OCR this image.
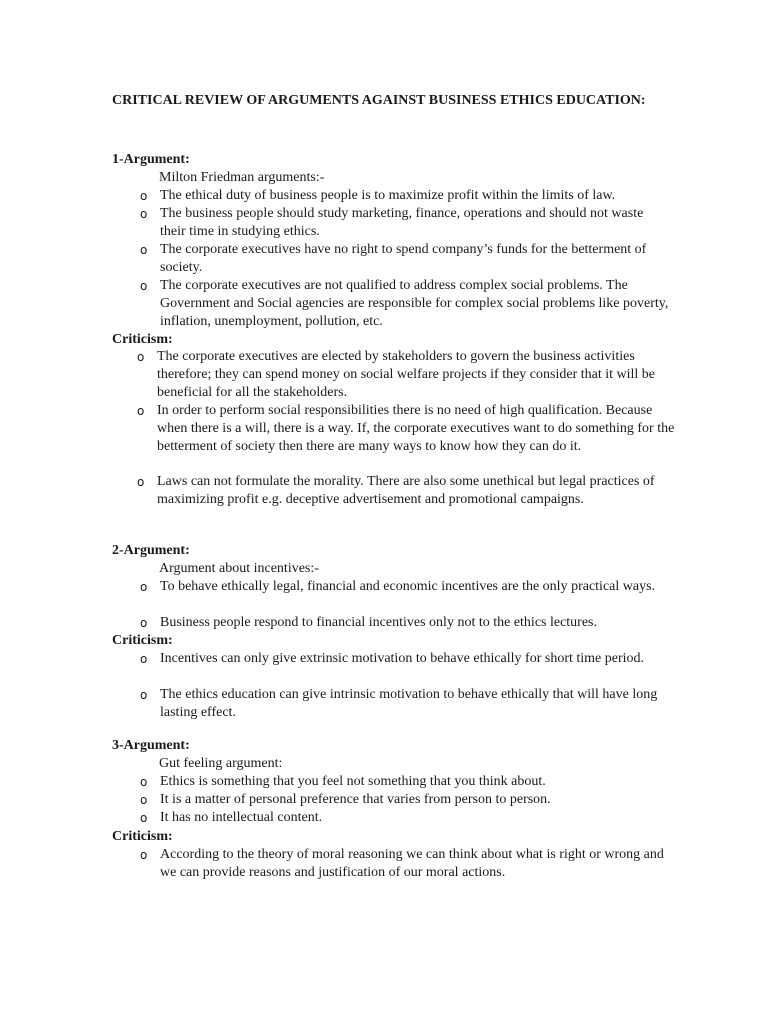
CRITICAL REVIEW OF ARGUMENTS AGAINST BUSINESS ETHICS EDUCATION:
1-Argument:
Milton Friedman arguments:-
o The ethical duty of business people is to maximize profit within the limits of law.
o The business people should study marketing, finance, operations and should not waste their time in studying ethics.
o The corporate executives have no right to spend company’s funds for the betterment of society.
o The corporate executives are not qualified to address complex social problems. The Government and Social agencies are responsible for complex social problems like poverty, inflation, unemployment, pollution, etc.
Criticism:
o The corporate executives are elected by stakeholders to govern the business activities therefore; they can spend money on social welfare projects if they consider that it will be beneficial for all the stakeholders.
o In order to perform social responsibilities there is no need of high qualification. Because when there is a will, there is a way. If, the corporate executives want to do something for the betterment of society then there are many ways to know how they can do it.
o Laws can not formulate the morality. There are also some unethical but legal practices of maximizing profit e.g. deceptive advertisement and promotional campaigns.
2-Argument:
Argument about incentives:-
o To behave ethically legal, financial and economic incentives are the only practical ways.
o Business people respond to financial incentives only not to the ethics lectures.
Criticism:
o Incentives can only give extrinsic motivation to behave ethically for short time period.
o The ethics education can give intrinsic motivation to behave ethically that will have long lasting effect.
3-Argument:
Gut feeling argument:
o Ethics is something that you feel not something that you think about.
o It is a matter of personal preference that varies from person to person.
o It has no intellectual content.
Criticism:
o According to the theory of moral reasoning we can think about what is right or wrong and we can provide reasons and justification of our moral actions.
